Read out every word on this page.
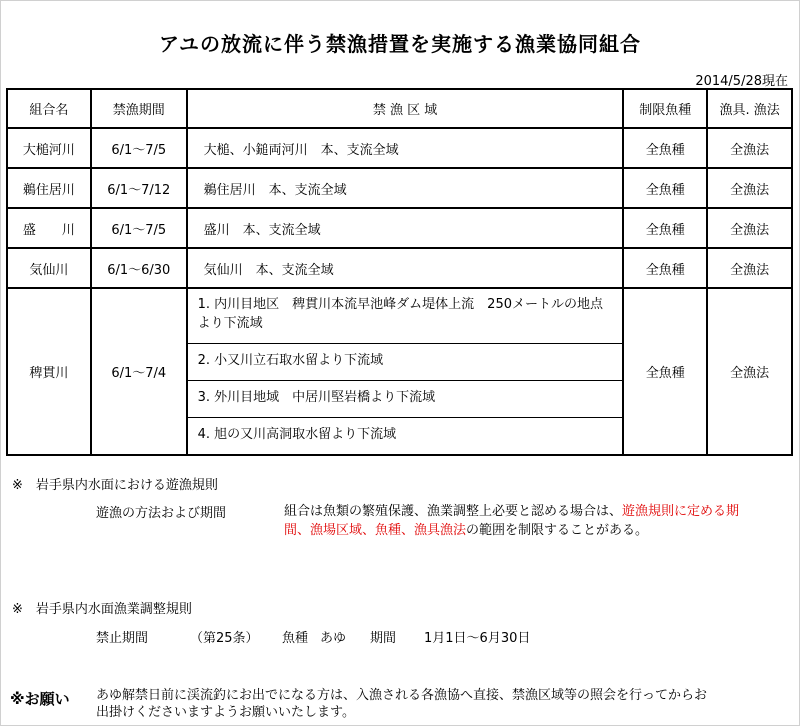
アユの放流に伴う禁漁措置を実施する漁業協同組合
2014/5/28現在
組合名	禁漁期間	禁 漁 区 域	制限魚種	漁具. 漁法
大槌河川	6/1～7/5	大槌、小鎚両河川　本、支流全域	全魚種	全漁法
鵜住居川	6/1～7/12	鵜住居川　本、支流全域	全魚種	全漁法
盛　　川	6/1～7/5	盛川　本、支流全域	全魚種	全漁法
気仙川	6/1～6/30	気仙川　本、支流全域	全魚種	全漁法
稗貫川	6/1～7/4	1. 内川目地区　稗貫川本流早池峰ダム堤体上流　250メートルの地点より下流域
2. 小又川立石取水留より下流域
3. 外川目地域　中居川堅岩橋より下流域
4. 旭の又川高洞取水留より下流域	全魚種	全漁法
※　岩手県内水面における遊漁規則
遊漁の方法および期間	組合は魚類の繁殖保護、漁業調整上必要と認める場合は、遊漁規則に定める期
間、漁場区域、魚種、漁具漁法の範囲を制限することがある。
※　岩手県内水面漁業調整規則
禁止期間	（第25条） 魚種 あゆ 期間 1月1日～6月30日
※お願い あゆ解禁日前に渓流釣にお出でになる方は、入漁される各漁協へ直接、禁漁区域等の照会を行ってからお
出掛けくださいますようお願いいたします。
